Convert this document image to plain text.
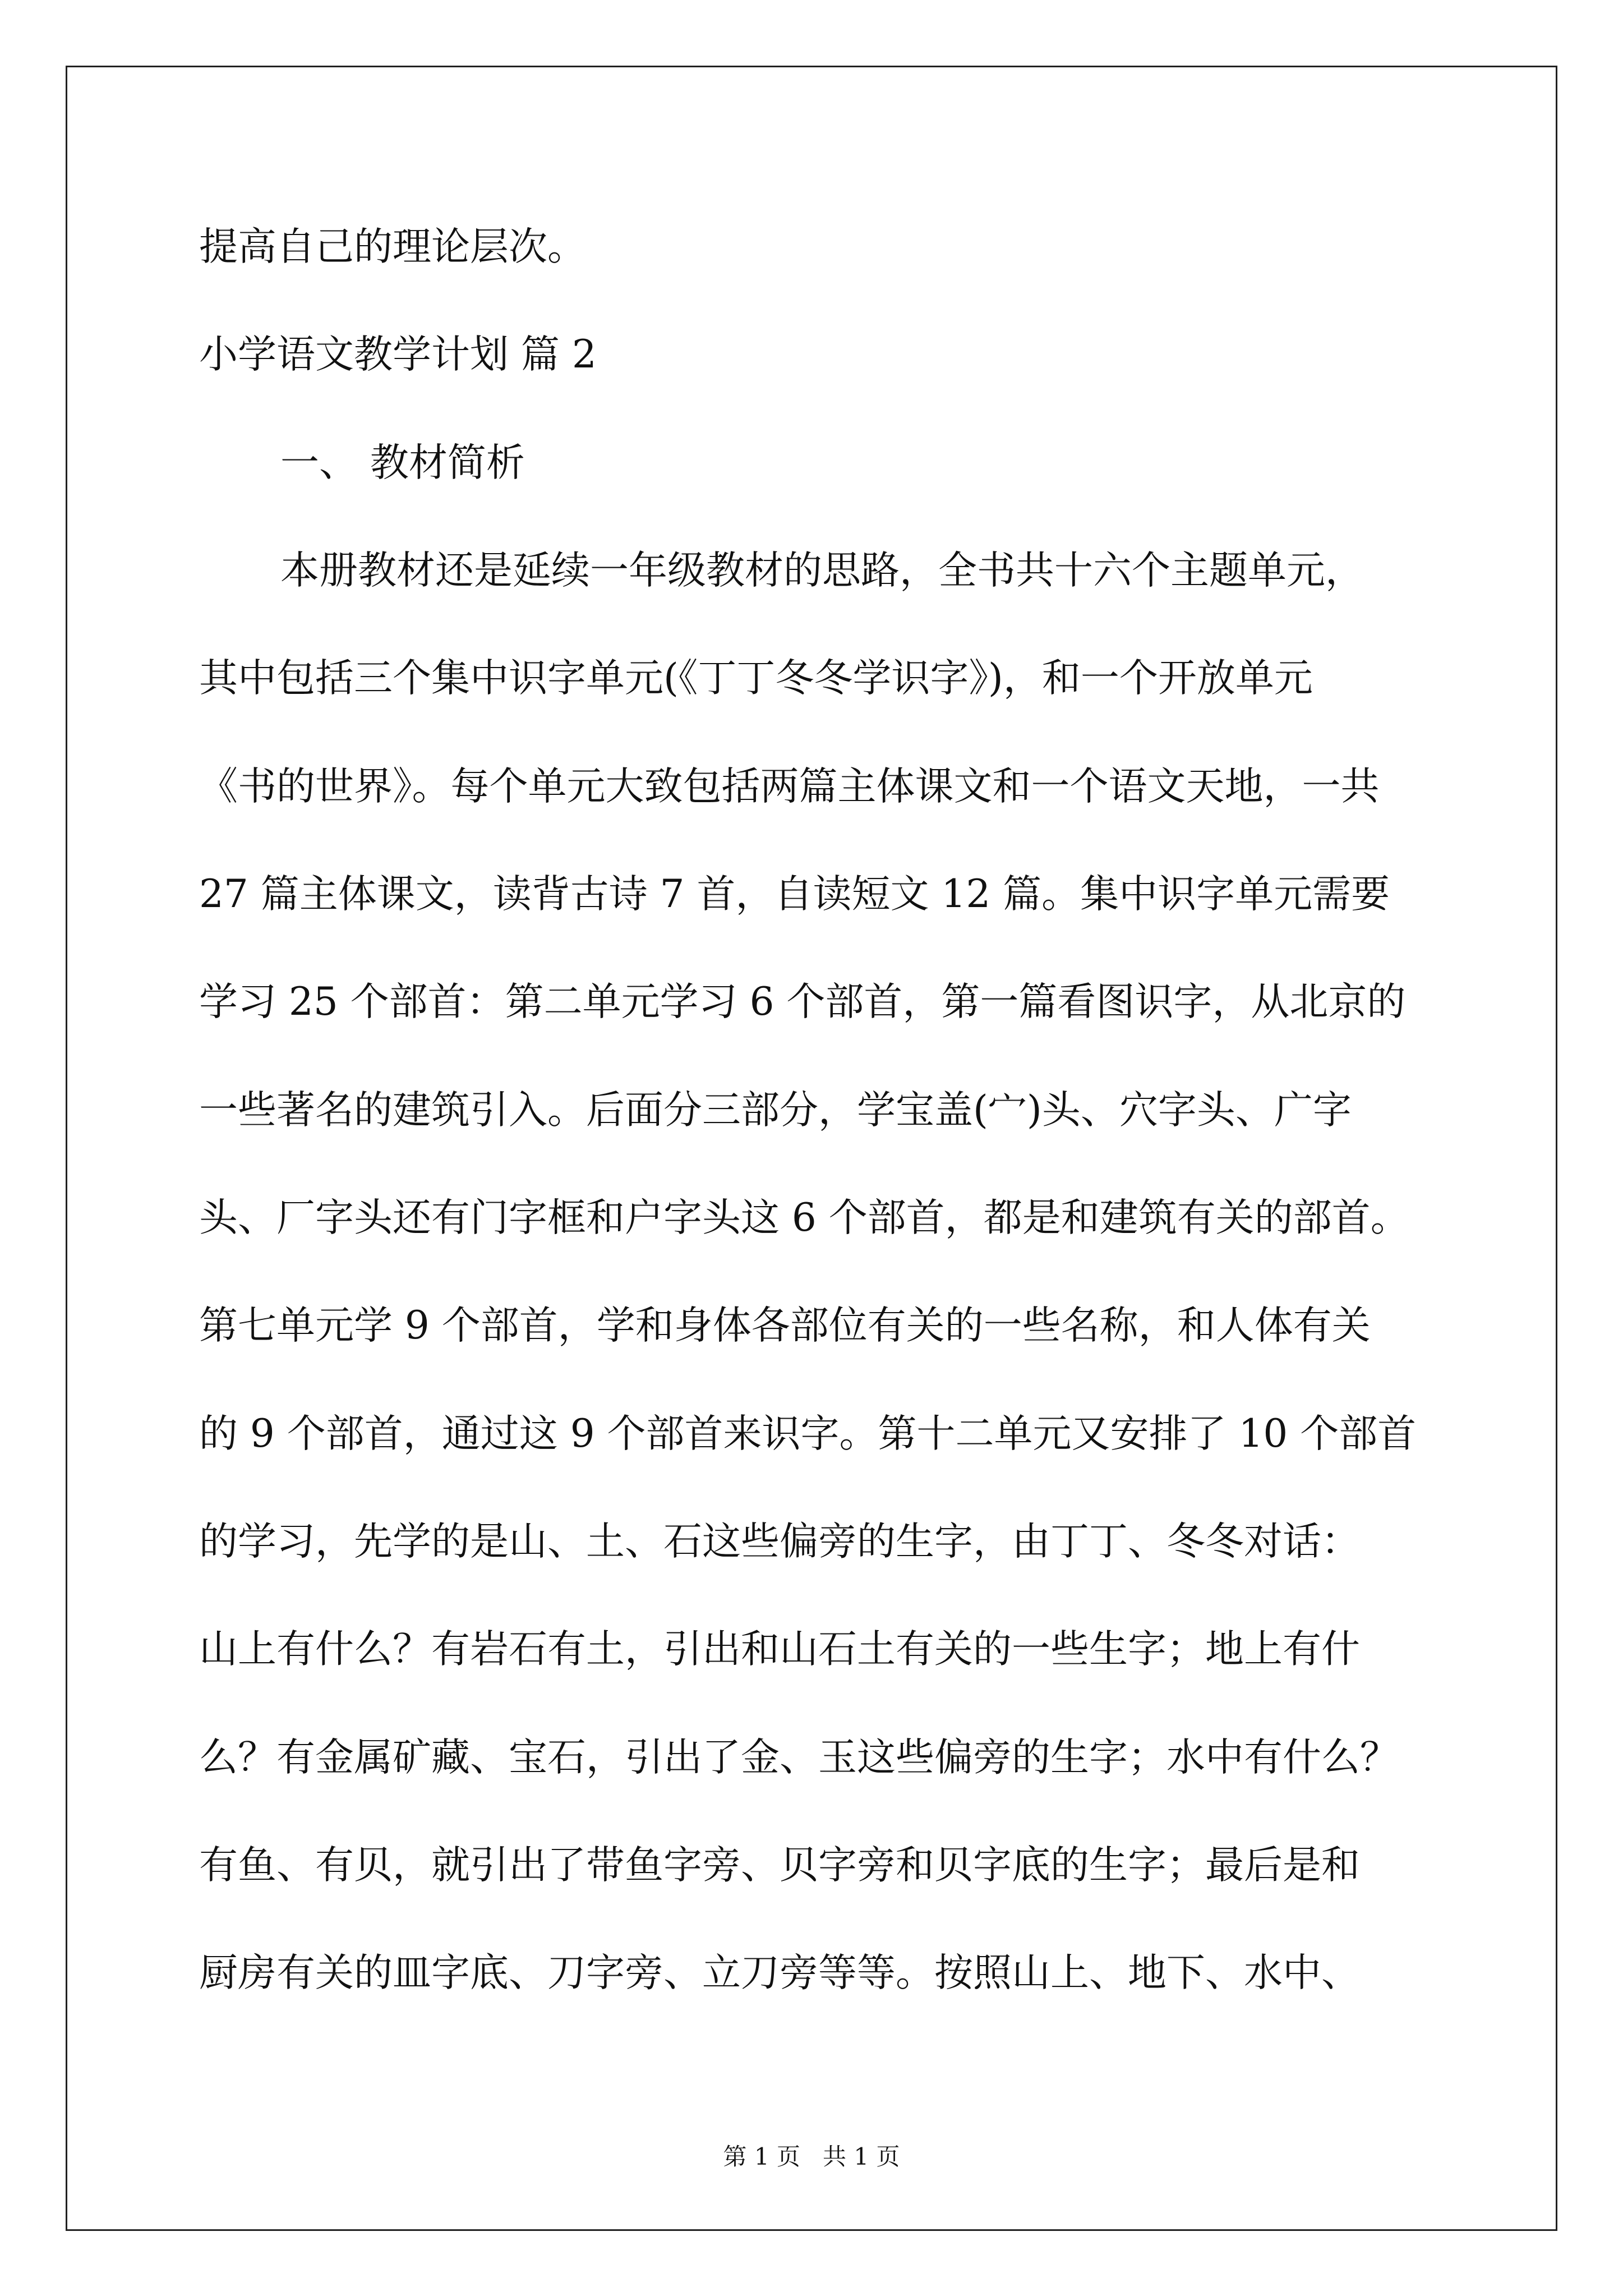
提高自己的理论层次。
小学语文教学计划 篇 2
一、 教材简析
本册教材还是延续一年级教材的思路，全书共十六个主题单元，
其中包括三个集中识字单元(《丁丁冬冬学识字》)，和一个开放单元
《书的世界》。每个单元大致包括两篇主体课文和一个语文天地，一共
27 篇主体课文，读背古诗 7 首，自读短文 12 篇。集中识字单元需要
学习 25 个部首：第二单元学习 6 个部首，第一篇看图识字，从北京的
一些著名的建筑引入。后面分三部分，学宝盖(宀)头、穴字头、广字
头、厂字头还有门字框和户字头这 6 个部首，都是和建筑有关的部首。
第七单元学 9 个部首，学和身体各部位有关的一些名称，和人体有关
的 9 个部首，通过这 9 个部首来识字。第十二单元又安排了 10 个部首
的学习，先学的是山、土、石这些偏旁的生字，由丁丁、冬冬对话：
山上有什么？有岩石有土，引出和山石土有关的一些生字；地上有什
么？有金属矿藏、宝石，引出了金、玉这些偏旁的生字；水中有什么？
有鱼、有贝，就引出了带鱼字旁、贝字旁和贝字底的生字；最后是和
厨房有关的皿字底、刀字旁、立刀旁等等。按照山上、地下、水中、
第 1 页   共 1 页
